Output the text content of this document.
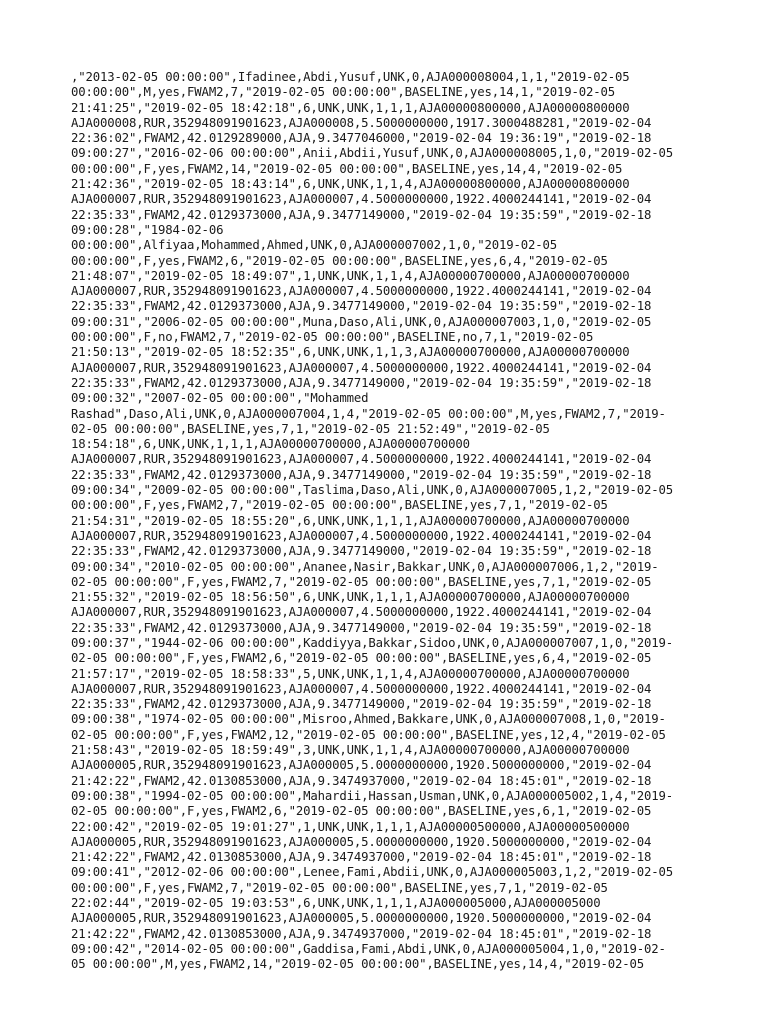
,"2013-02-05 00:00:00",Ifadinee,Abdi,Yusuf,UNK,0,AJA000008004,1,1,"2019-02-05
00:00:00",M,yes,FWAM2,7,"2019-02-05 00:00:00",BASELINE,yes,14,1,"2019-02-05
21:41:25","2019-02-05 18:42:18",6,UNK,UNK,1,1,1,AJA00000800000,AJA00000800000
AJA000008,RUR,352948091901623,AJA000008,5.5000000000,1917.3000488281,"2019-02-04
22:36:02",FWAM2,42.0129289000,AJA,9.3477046000,"2019-02-04 19:36:19","2019-02-18
09:00:27","2016-02-06 00:00:00",Anii,Abdii,Yusuf,UNK,0,AJA000008005,1,0,"2019-02-05
00:00:00",F,yes,FWAM2,14,"2019-02-05 00:00:00",BASELINE,yes,14,4,"2019-02-05
21:42:36","2019-02-05 18:43:14",6,UNK,UNK,1,1,4,AJA00000800000,AJA00000800000
AJA000007,RUR,352948091901623,AJA000007,4.5000000000,1922.4000244141,"2019-02-04
22:35:33",FWAM2,42.0129373000,AJA,9.3477149000,"2019-02-04 19:35:59","2019-02-18
09:00:28","1984-02-06
00:00:00",Alfiyaa,Mohammed,Ahmed,UNK,0,AJA000007002,1,0,"2019-02-05
00:00:00",F,yes,FWAM2,6,"2019-02-05 00:00:00",BASELINE,yes,6,4,"2019-02-05
21:48:07","2019-02-05 18:49:07",1,UNK,UNK,1,1,4,AJA00000700000,AJA00000700000
AJA000007,RUR,352948091901623,AJA000007,4.5000000000,1922.4000244141,"2019-02-04
22:35:33",FWAM2,42.0129373000,AJA,9.3477149000,"2019-02-04 19:35:59","2019-02-18
09:00:31","2006-02-05 00:00:00",Muna,Daso,Ali,UNK,0,AJA000007003,1,0,"2019-02-05
00:00:00",F,no,FWAM2,7,"2019-02-05 00:00:00",BASELINE,no,7,1,"2019-02-05
21:50:13","2019-02-05 18:52:35",6,UNK,UNK,1,1,3,AJA00000700000,AJA00000700000
AJA000007,RUR,352948091901623,AJA000007,4.5000000000,1922.4000244141,"2019-02-04
22:35:33",FWAM2,42.0129373000,AJA,9.3477149000,"2019-02-04 19:35:59","2019-02-18
09:00:32","2007-02-05 00:00:00","Mohammed
Rashad",Daso,Ali,UNK,0,AJA000007004,1,4,"2019-02-05 00:00:00",M,yes,FWAM2,7,"2019-
02-05 00:00:00",BASELINE,yes,7,1,"2019-02-05 21:52:49","2019-02-05
18:54:18",6,UNK,UNK,1,1,1,AJA00000700000,AJA00000700000
AJA000007,RUR,352948091901623,AJA000007,4.5000000000,1922.4000244141,"2019-02-04
22:35:33",FWAM2,42.0129373000,AJA,9.3477149000,"2019-02-04 19:35:59","2019-02-18
09:00:34","2009-02-05 00:00:00",Taslima,Daso,Ali,UNK,0,AJA000007005,1,2,"2019-02-05
00:00:00",F,yes,FWAM2,7,"2019-02-05 00:00:00",BASELINE,yes,7,1,"2019-02-05
21:54:31","2019-02-05 18:55:20",6,UNK,UNK,1,1,1,AJA00000700000,AJA00000700000
AJA000007,RUR,352948091901623,AJA000007,4.5000000000,1922.4000244141,"2019-02-04
22:35:33",FWAM2,42.0129373000,AJA,9.3477149000,"2019-02-04 19:35:59","2019-02-18
09:00:34","2010-02-05 00:00:00",Ananee,Nasir,Bakkar,UNK,0,AJA000007006,1,2,"2019-
02-05 00:00:00",F,yes,FWAM2,7,"2019-02-05 00:00:00",BASELINE,yes,7,1,"2019-02-05
21:55:32","2019-02-05 18:56:50",6,UNK,UNK,1,1,1,AJA00000700000,AJA00000700000
AJA000007,RUR,352948091901623,AJA000007,4.5000000000,1922.4000244141,"2019-02-04
22:35:33",FWAM2,42.0129373000,AJA,9.3477149000,"2019-02-04 19:35:59","2019-02-18
09:00:37","1944-02-06 00:00:00",Kaddiyya,Bakkar,Sidoo,UNK,0,AJA000007007,1,0,"2019-
02-05 00:00:00",F,yes,FWAM2,6,"2019-02-05 00:00:00",BASELINE,yes,6,4,"2019-02-05
21:57:17","2019-02-05 18:58:33",5,UNK,UNK,1,1,4,AJA00000700000,AJA00000700000
AJA000007,RUR,352948091901623,AJA000007,4.5000000000,1922.4000244141,"2019-02-04
22:35:33",FWAM2,42.0129373000,AJA,9.3477149000,"2019-02-04 19:35:59","2019-02-18
09:00:38","1974-02-05 00:00:00",Misroo,Ahmed,Bakkare,UNK,0,AJA000007008,1,0,"2019-
02-05 00:00:00",F,yes,FWAM2,12,"2019-02-05 00:00:00",BASELINE,yes,12,4,"2019-02-05
21:58:43","2019-02-05 18:59:49",3,UNK,UNK,1,1,4,AJA00000700000,AJA00000700000
AJA000005,RUR,352948091901623,AJA000005,5.0000000000,1920.5000000000,"2019-02-04
21:42:22",FWAM2,42.0130853000,AJA,9.3474937000,"2019-02-04 18:45:01","2019-02-18
09:00:38","1994-02-05 00:00:00",Mahardii,Hassan,Usman,UNK,0,AJA000005002,1,4,"2019-
02-05 00:00:00",F,yes,FWAM2,6,"2019-02-05 00:00:00",BASELINE,yes,6,1,"2019-02-05
22:00:42","2019-02-05 19:01:27",1,UNK,UNK,1,1,1,AJA00000500000,AJA00000500000
AJA000005,RUR,352948091901623,AJA000005,5.0000000000,1920.5000000000,"2019-02-04
21:42:22",FWAM2,42.0130853000,AJA,9.3474937000,"2019-02-04 18:45:01","2019-02-18
09:00:41","2012-02-06 00:00:00",Lenee,Fami,Abdii,UNK,0,AJA000005003,1,2,"2019-02-05
00:00:00",F,yes,FWAM2,7,"2019-02-05 00:00:00",BASELINE,yes,7,1,"2019-02-05
22:02:44","2019-02-05 19:03:53",6,UNK,UNK,1,1,1,AJA000005000,AJA000005000
AJA000005,RUR,352948091901623,AJA000005,5.0000000000,1920.5000000000,"2019-02-04
21:42:22",FWAM2,42.0130853000,AJA,9.3474937000,"2019-02-04 18:45:01","2019-02-18
09:00:42","2014-02-05 00:00:00",Gaddisa,Fami,Abdi,UNK,0,AJA000005004,1,0,"2019-02-
05 00:00:00",M,yes,FWAM2,14,"2019-02-05 00:00:00",BASELINE,yes,14,4,"2019-02-05
